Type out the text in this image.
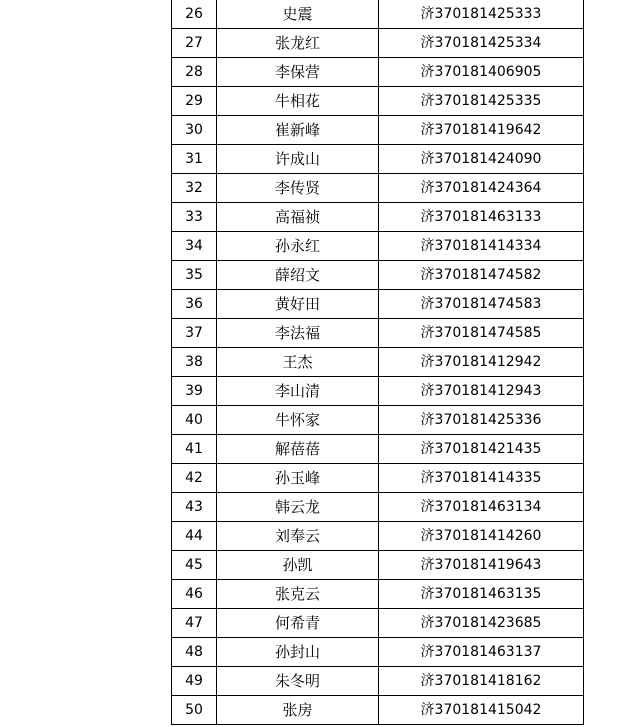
26	史震	济370181425333
27	张龙红	济370181425334
28	李保营	济370181406905
29	牛相花	济370181425335
30	崔新峰	济370181419642
31	许成山	济370181424090
32	李传贤	济370181424364
33	高福祯	济370181463133
34	孙永红	济370181414334
35	薛绍文	济370181474582
36	黄好田	济370181474583
37	李法福	济370181474585
38	王杰	济370181412942
39	李山清	济370181412943
40	牛怀家	济370181425336
41	解蓓蓓	济370181421435
42	孙玉峰	济370181414335
43	韩云龙	济370181463134
44	刘奉云	济370181414260
45	孙凯	济370181419643
46	张克云	济370181463135
47	何希青	济370181423685
48	孙封山	济370181463137
49	朱冬明	济370181418162
50	张房	济370181415042
